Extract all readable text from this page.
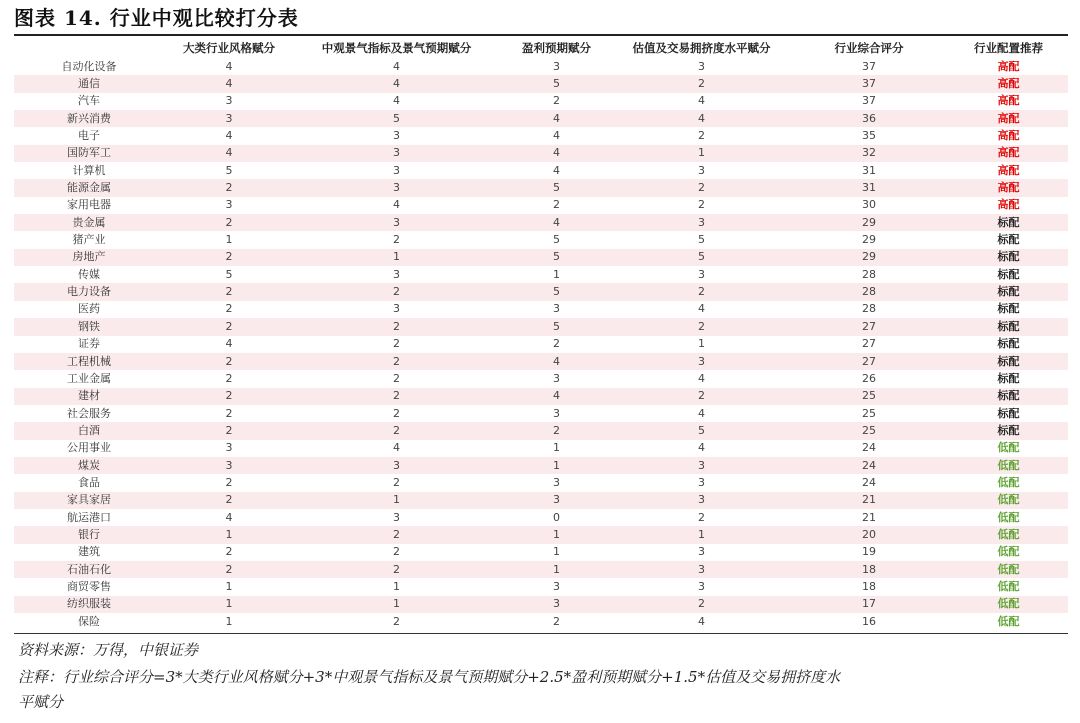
图表 14. 行业中观比较打分表
	大类行业风格赋分	中观景气指标及景气预期赋分	盈利预期赋分	估值及交易拥挤度水平赋分	行业综合评分	行业配置推荐
自动化设备	4	4	3	3	37	高配
通信	4	4	5	2	37	高配
汽车	3	4	2	4	37	高配
新兴消费	3	5	4	4	36	高配
电子	4	3	4	2	35	高配
国防军工	4	3	4	1	32	高配
计算机	5	3	4	3	31	高配
能源金属	2	3	5	2	31	高配
家用电器	3	4	2	2	30	高配
贵金属	2	3	4	3	29	标配
猪产业	1	2	5	5	29	标配
房地产	2	1	5	5	29	标配
传媒	5	3	1	3	28	标配
电力设备	2	2	5	2	28	标配
医药	2	3	3	4	28	标配
钢铁	2	2	5	2	27	标配
证券	4	2	2	1	27	标配
工程机械	2	2	4	3	27	标配
工业金属	2	2	3	4	26	标配
建材	2	2	4	2	25	标配
社会服务	2	2	3	4	25	标配
白酒	2	2	2	5	25	标配
公用事业	3	4	1	4	24	低配
煤炭	3	3	1	3	24	低配
食品	2	2	3	3	24	低配
家具家居	2	1	3	3	21	低配
航运港口	4	3	0	2	21	低配
银行	1	2	1	1	20	低配
建筑	2	2	1	3	19	低配
石油石化	2	2	1	3	18	低配
商贸零售	1	1	3	3	18	低配
纺织服装	1	1	3	2	17	低配
保险	1	2	2	4	16	低配
资料来源：万得，中银证券
注释：行业综合评分=3*大类行业风格赋分+3*中观景气指标及景气预期赋分+2.5*盈利预期赋分+1.5*估值及交易拥挤度水
平赋分
